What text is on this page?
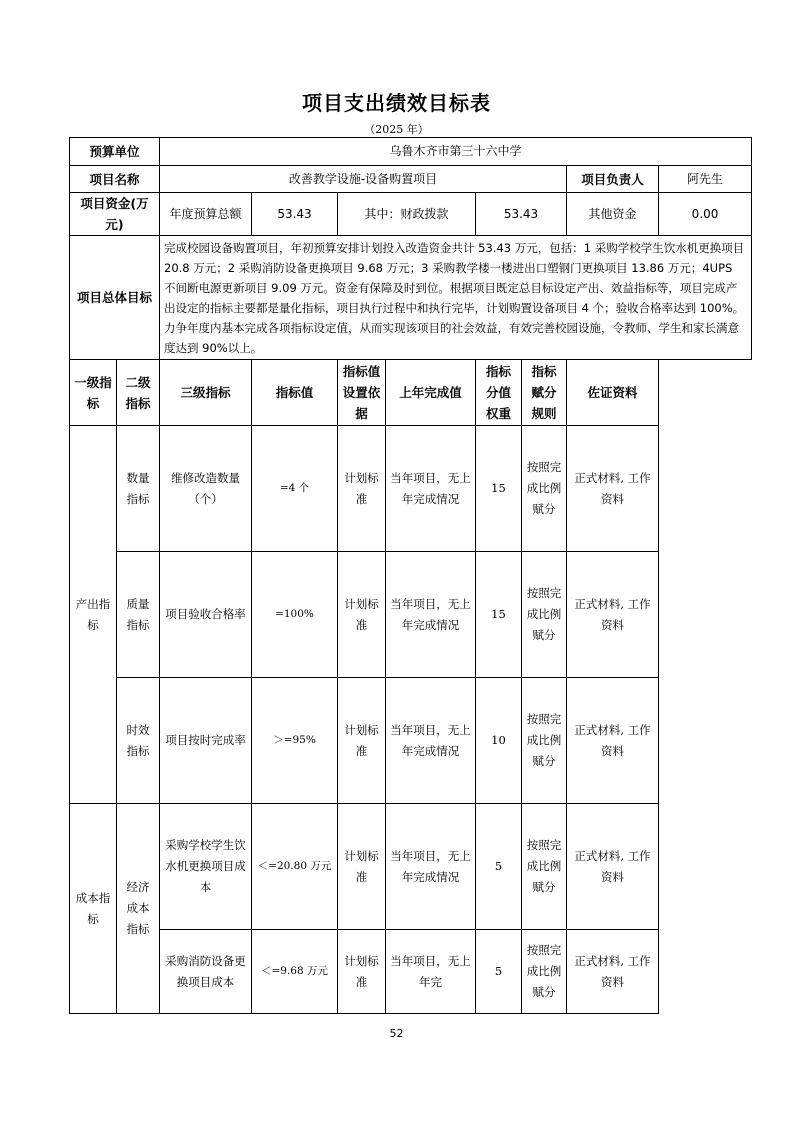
项目支出绩效目标表
（2025 年）
预算单位		乌鲁木齐市第三十六中学							
项目名称		改善教学设施-设备购置项目						项目负责人	阿先生
项目资金(万元)		年度预算总额	53.43	其中：财政拨款		53.43		其他资金	0.00
项目总体目标		完成校园设备购置项目，年初预算安排计划投入改造资金共计 53.43 万元，包括：1 采购学校学生饮水机更换项目 20.8 万元；2 采购消防设备更换项目 9.68 万元；3 采购教学楼一楼进出口塑钢门更换项目 13.86 万元；4UPS 不间断电源更新项目 9.09 万元。资金有保障及时到位。根据项目既定总目标设定产出、效益指标等，项目完成产出设定的指标主要都是量化指标，项目执行过程中和执行完毕，计划购置设备项目 4 个；验收合格率达到 100%。力争年度内基本完成各项指标设定值，从而实现该项目的社会效益，有效完善校园设施，令教师、学生和家长满意度达到 90%以上。							
一级指标	二级指标	三级指标	指标值	指标值设置依据	上年完成值	指标分值权重	指标赋分规则	佐证资料	
产出指标	数量指标	维修改造数量（个）	=4 个	计划标准	当年项目，无上年完成情况	15	按照完成比例赋分	正式材料, 工作资料	
	质量指标	项目验收合格率	=100%	计划标准	当年项目，无上年完成情况	15	按照完成比例赋分	正式材料, 工作资料	
	时效指标	项目按时完成率	＞=95%	计划标准	当年项目，无上年完成情况	10	按照完成比例赋分	正式材料, 工作资料	
成本指标	经济成本指标	采购学校学生饮水机更换项目成本	＜=20.80 万元	计划标准	当年项目，无上年完成情况	5	按照完成比例赋分	正式材料, 工作资料	
		采购消防设备更换项目成本	＜=9.68 万元	计划标准	当年项目，无上年完	5	按照完成比例赋分	正式材料, 工作资料	
52
